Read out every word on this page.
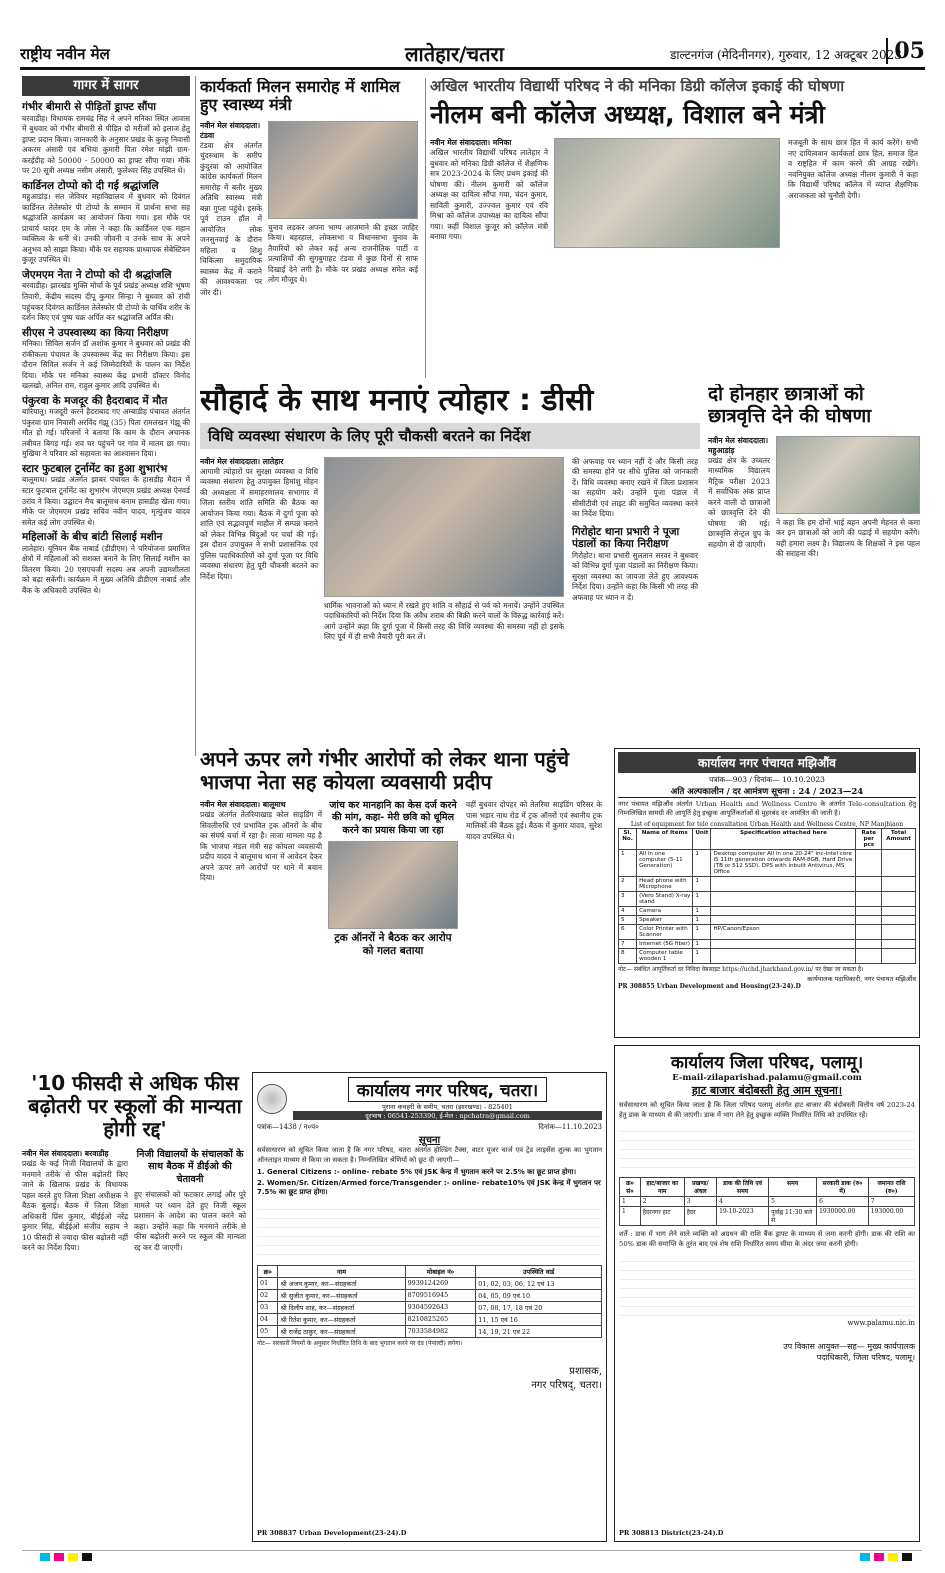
राष्ट्रीय नवीन मेल	लातेहार/चतरा	डाल्टनगंज (मेदिनीनगर), गुरुवार, 12 अक्टूबर 2023
05
गागर में सागर
गंभीर बीमारी से पीड़ितों ड्राफ्ट सौंपा
बरवाडीह। विधायक रामचंद्र सिंह ने अपने मनिका स्थित आवास में बुधवार को गंभीर बीमारी से पीड़ित दो मरीजों को इलाज हेतु ड्राफ्ट प्रदान किया। जानकारी के अनुसार प्रखंड के कुल्हू निवासी अकरम अंसारी एवं बभिया कुमारी पिता रमेश मांझी ग्राम-करईडीह को 50000 - 50000 का ड्राफ्ट सौंपा गया। मौके पर 20 सूत्री अध्यक्ष नसीम अंसारी, फुलेश्वर सिंह उपस्थित थे।
कार्डिनल टोप्पो को दी गई श्रद्धांजलि
महुआडांड़। संत जेवियर महाविद्यालय में बुधवार को दिवंगत कार्डिनल तेलेस्फोर पी टोप्पो के सम्मान में प्रार्थना सभा सह श्रद्धांजलि कार्यक्रम का आयोजन किया गया। इस मौके पर प्राचार्य फादर एम के जोस ने कहा कि कार्डिनल एक महान व्यक्तित्व के धनी थे। उनकी जीवनी व उनके साथ के अपने अनुभव को साझा किया। मौके पर सहायक प्राध्यापक सेबेस्टियन कुजूर उपस्थित थे।
जेएमएम नेता ने टोप्पो को दी श्रद्धांजलि
बरवाडीह। झारखंड मुक्ति मोर्चा के पूर्व प्रखंड अध्यक्ष शशि भूषण तिवारी, केंद्रीय सदस्य दीपू कुमार सिन्हा ने बुधवार को रांची पहुंचकर दिवंगत कार्डिनल तेलेस्फोर पी टोप्पो के पार्थिव शरीर के दर्शन किए एवं पुष्प चक्र अर्पित कर श्रद्धांजलि अर्पित की।
सीएस ने उपस्वास्थ्य का किया निरीक्षण
मनिका। सिविल सर्जन डॉ अशोक कुमार ने बुधवार को प्रखंड की रांकीकला पंचायत के उपस्वास्थ्य केंद्र का निरीक्षण किया। इस दौरान सिविल सर्जन ने कई जिम्मेदारियों के पालन का निर्देश दिया। मौके पर मनिका स्वास्थ्य केंद्र प्रभारी डॉक्टर विनोद खलखो, अनिल राम, राहुल कुमार आदि उपस्थित थे।
पंकुरवा के मजदूर की हैदराबाद में मौत
बारियातू। मजदूरी करने हैदराबाद गए अम्बाडीह पंचायत अंतर्गत पंकुरवा ग्राम निवासी अरविंद गंझू (35) पिता रामलखन गंझू की मौत हो गई। परिजनों ने बताया कि काम के दौरान अचानक तबीयत बिगड़ गई। शव घर पहुंचने पर गांव में मातम छा गया। मुखिया ने परिवार को सहायता का आश्वासन दिया।
स्टार फुटबाल टूर्नामेंट का हुआ शुभारंभ
बालूमाथ। प्रखंड अंतर्गत झाबर पंचायत के हासडीह मैदान में स्टार फुटबाल टूर्नामेंट का शुभारंभ जेएमएम प्रखंड अध्यक्ष ऐनवर्ड उरांव ने किया। उद्घाटन मैच बालूमाथ बनाम हासडीह खेला गया। मौके पर जेएमएम प्रखंड सचिव नवीन यादव, मृत्युंजय यादव समेत कई लोग उपस्थित थे।
महिलाओं के बीच बांटी सिलाई मशीन
लातेहार। यूनियन बैंक नाबार्ड (डीडीएम) ने परियोजना प्रमाणित क्षेत्रों में महिलाओं को सशक्त बनाने के लिए सिलाई मशीन का वितरण किया। 20 एसएचजी सदस्य अब अपनी उद्यमशीलता को बढ़ा सकेंगी। कार्यक्रम में मुख्य अतिथि डीडीएम नाबार्ड और बैंक के अधिकारी उपस्थित थे।
कार्यकर्ता मिलन समारोह में शामिल हुए स्वास्थ्य मंत्री
नवीन मेल संवाददाता। टंडवा
टंडवा क्षेत्र अंतर्गत चुंदरुधाम के समीप कुंदुरवा को आयोजित कांग्रेस कार्यकर्ता मिलन समारोह में बतौर मुख्य अतिथि स्वास्थ्य मंत्री बन्ना गुप्ता पहुंचे। इसके पूर्व टाउन हॉल में आयोजित लोक जनसुनवाई के दौरान महिला व शिशु चिकित्सा समुदायिक स्वास्थ्य केंद्र में कराने की आवश्यकता पर जोर दी।
चुनाव लड़कर अपना भाग्य आजमाने की इच्छा जाहिर किया। बहरहाल, लोकसभा व विधानसभा चुनाव के तैयारियों को लेकर कई अन्य राजनीतिक पार्टी व प्रत्याशियों की सुगबुगाहट टंडवा में कुछ दिनों से साफ दिखाई देने लगी है। मौके पर प्रखंड अध्यक्ष समेत कई लोग मौजूद थे।
अखिल भारतीय विद्यार्थी परिषद ने की मनिका डिग्री कॉलेज इकाई की घोषणा
नीलम बनी कॉलेज अध्यक्ष, विशाल बने मंत्री
नवीन मेल संवाददाता। मनिका
अखिल भारतीय विद्यार्थी परिषद लातेहार ने बुधवार को मनिका डिग्री कॉलेज में शैक्षणिक सत्र 2023-2024 के लिए प्रथम इकाई की घोषणा की। नीलम कुमारी को कॉलेज अध्यक्ष का दायित्व सौंपा गया, चंदन कुमार, साविती कुमारी, उज्ज्वल कुमार एवं रवि मिश्रा को कॉलेज उपाध्यक्ष का दायित्व सौंपा गया। कहीं विशाल कुजूर को कॉलेज मंत्री बनाया गया।
मजबूती के साथ छात्र हित में कार्य करेंगे। सभी नए दायित्ववान कार्यकर्ता छात्र हित, समाज हित व राष्ट्रहित में काम करने की आग्रह रखेंगे। नवनियुक्त कॉलेज अध्यक्ष नीलम कुमारी ने कहा कि विद्यार्थी परिषद कॉलेज में व्याप्त शैक्षणिक अराजकता को चुनौती देगी।
सौहार्द के साथ मनाएं त्योहार : डीसी
विधि व्यवस्था संधारण के लिए पूरी चौकसी बरतने का निर्देश
नवीन मेल संवाददाता। लातेहार
आगामी त्योहारों पर सुरक्षा व्यवस्था व विधि व्यवस्था संधारण हेतु उपायुक्त हिमांशु मोहन की अध्यक्षता में समाहरणालय सभागार में जिला स्तरीय शांति समिति की बैठक का आयोजन किया गया। बैठक में दुर्गा पूजा को शांति एवं सद्भावपूर्ण माहौल में सम्पन्न कराने को लेकर विभिन्न बिंदुओं पर चर्चा की गई। इस दौरान उपायुक्त ने सभी प्रशासनिक एवं पुलिस पदाधिकारियों को दुर्गा पूजा पर विधि व्यवस्था संधारण हेतु पूरी चौकसी बरतने का निर्देश दिया।
धार्मिक भावनाओं को ध्यान में रखते हुए शांति व सौहार्द्र से पर्व को मनायें। उन्होंने उपस्थित पदाधिकारियों को निर्देश दिया कि अवैध शराब की बिक्री करने वालों के विरुद्ध कार्रवाई करें। आगे उन्होंने कहा कि दुर्गा पूजा में किसी तरह की विधि व्यवस्था की समस्या नहीं हो इसके लिए पूर्व में ही सभी तैयारी पूरी कर लें।
की अफवाह पर ध्यान नहीं दें और किसी तरह की समस्या होने पर सीधे पुलिस को जानकारी दें। विधि व्यवस्था बनाए रखने में जिला प्रशासन का सहयोग करें। उन्होंने पूजा पंडाल में सीसीटीवी एवं लाइट की समुचित व्यवस्था करने का निर्देश दिया।
गिरोहोट थाना प्रभारी ने पूजा पंडालों का किया निरीक्षण
गिरोहोट। थाना प्रभारी सुलतान सरवर ने बुधवार को विभिन्न दुर्गा पूजा पंडालों का निरीक्षण किया। सुरक्षा व्यवस्था का जायजा लेते हुए आवश्यक निर्देश दिया। उन्होंने कहा कि किसी भी तरह की अफवाह पर ध्यान न दें।
दो होनहार छात्राओं को छात्रवृत्ति देने की घोषणा
नवीन मेल संवाददाता। महुआडांड़
प्रखंड क्षेत्र के उच्चतर माध्यमिक विद्यालय मैट्रिक परीक्षा 2023 में सर्वाधिक अंक प्राप्त करने वाली दो छात्राओं को छात्रवृत्ति देने की घोषणा की गई। छात्रवृत्ति सेन्ट्रल ग्रुप के सहयोग से दी जाएगी।
ने कहा कि हम दोनों भाई बहन अपनी मेहनत से कमा कर इन छात्राओं को आगे की पढ़ाई में सहयोग करेंगे। यही हमारा लक्ष्य है। विद्यालय के शिक्षकों ने इस पहल की सराहना की।
अपने ऊपर लगे गंभीर आरोपों को लेकर थाना पहुंचे भाजपा नेता सह कोयला व्यवसायी प्रदीप
नवीन मेल संवाददाता। बालूमाथ
प्रखंड अंतर्गत तेतरियाखाड़ कोल साइडिंग में सिवलीरुधि एवं प्रभावित ट्रक ऑनरों के बीच का संघर्ष चर्चा में रहा है। ताजा मामला यह है कि भाजपा मंडल मंत्री सह कोयला व्यवसायी प्रदीप यादव ने बालूमाथ थाना में आवेदन देकर अपने ऊपर लगे आरोपों पर थाने में बयान दिया।
जांच कर मानहानि का केस दर्ज करने की मांग, कहा- मेरी छवि को धूमिल करने का प्रयास किया जा रहा
ट्रक ऑनरों ने बैठक कर आरोप को गलत बताया
वहीं बुधवार दोपहर को तेतरिया साइडिंग परिसर के पास भड़ार नाथ रोड में ट्रक ऑनरों एवं स्थानीय ट्रक मालिकों की बैठक हुई। बैठक में कुमार यादव, सुरेश यादव उपस्थित थे।
कार्यालय नगर पंचायत मझिऔंव
पत्रांक—903 / दिनांक— 10.10.2023
अति अल्पकालीन / दर आमंत्रण सूचना : 24 / 2023—24
नगर पंचायत मझिऔंव अंतर्गत Urban Health and Wellness Centre के अंतर्गत Tele-consultation हेतु निम्नलिखित सामग्री की आपूर्ति हेतु इच्छुक आपूर्तिकर्ताओं से मुहरबंद दर आमंत्रित की जाती है।
List of equipment for tele consultation Urban Health and Wellness Centre, NP Manjhiaon
Sl. No.	Name of Items	Unit	Specification attached here	Rate per pcs	Total Amount
1	All in one computer (5-11 Generation)	1	Desktop computer All in one 20-24" inc-Intel core i5 11th generation onwards RAM-8GB, Hard Drive (TB or 512 SSD), DPS with inbuilt Antivirus, MS Office		
2	Head phone with Microphone	1			
3	(Vero Stand) X-ray stand	1			
4	Camera	1			
5	Speaker	1			
6	Color Printer with Scanner	1	HP/Canon/Epson		
7	Internet (5G fiber)	1			
8	Computer table wooden 1	1			
नोट— संबंधित आपूर्तिकर्ता दर निविदा वेबसाइट https://uchd.jharkhand.gov.in/ पर देखा जा सकता है।
कार्यपालक पदाधिकारी, नगर पंचायत मझिऔंव
PR 308855 Urban Development and Housing(23-24).D
'10 फीसदी से अधिक फीस बढ़ोतरी पर स्कूलों की मान्यता होगी रद्द'
नवीन मेल संवाददाता। बरवाडीह
प्रखंड के कई निजी विद्यालयों के द्वारा मनमाने तरीके से फीस बढ़ोतरी किए जाने के खिलाफ प्रखंड के विधायक पहल करते हुए जिला शिक्षा अधीक्षक ने बैठक बुलाई। बैठक में जिला शिक्षा अधिकारी प्रिंस कुमार, बीईईओ नरेंद्र कुमार सिंह, बीईईओ संजीव सहाय ने 10 फीसदी से ज्यादा फीस बढ़ोतरी नहीं करने का निर्देश दिया।
निजी विद्यालयों के संचालकों के साथ बैठक में डीईओ की चेतावनी
हुए संचालकों को फटकार लगाई और पूरे मामले पर ध्यान देते हुए निजी स्कूल प्रशासन के आदेश का पालन करने को कहा। उन्होंने कहा कि मनमाने तरीके से फीस बढ़ोतरी करने पर स्कूल की मान्यता रद्द कर दी जाएगी।
कार्यालय नगर परिषद, चतरा।
पुराना कचहरी के समीप, चतरा (झारखण्ड) - 825401
दूरभाष : 06541-253390, ई-मेल : npchatra@gmail.com
पत्रांक—1438 / न०प०	दिनांक—11.10.2023
सूचना
सर्वसाधारण को सूचित किया जाता है कि नगर परिषद, चतरा अंतर्गत होल्डिंग टैक्स, वाटर यूजर चार्ज एवं ट्रेड लाइसेंस शुल्क का भुगतान ऑनलाइन माध्यम से किया जा सकता है। निम्नलिखित श्रेणियों को छूट दी जाएगी—
1. General Citizens :- online- rebate 5% एवं JSK केन्द्र में भुगतान करने पर 2.5% का छूट प्राप्त होगा।
2. Women/Sr. Citizen/Armed force/Transgender :- online- rebate10% एवं JSK केन्द्र में भुगतान पर 7.5% का छूट प्राप्त होगा।
क्र०	नाम	मोबाइल नं०	उपस्थिति वार्ड
01	श्री अजय कुमार, कर—संग्रहकर्ता	9939124269	01, 02, 03, 06, 12 एवं 13
02	श्री सुजीत कुमार, कर—संग्रहकर्ता	8709516945	04, 05, 09 एवं 10
03	श्री दिलीप शाह, कर—संग्रहकर्ता	9304592643	07, 08, 17, 18 एवं 20
04	श्री रितेश कुमार, कर—संग्रहकर्ता	8210825265	11, 15 एवं 16
05	श्री राजेंद्र ठाकुर, कर—संग्रहकर्ता	7033584982	14, 19, 21 एवं 22
नोट— सरकारी नियमों के अनुसार निर्धारित तिथि के बाद भुगतान करने पर दंड (पेनाल्टी) लगेगा।
प्रशासक,
नगर परिषद्, चतरा।
PR 308837 Urban Development(23-24).D
कार्यालय जिला परिषद, पलामू।
E-mail-zilaparishad.palamu@gmail.com
हाट बाजार बंदोबस्ती हेतु आम सूचना।
सर्वसाधारण को सूचित किया जाता है कि जिला परिषद पलामू अंतर्गत हाट बाजार की बंदोबस्ती वित्तीय वर्ष 2023-24 हेतु डाक के माध्यम से की जाएगी। डाक में भाग लेने हेतु इच्छुक व्यक्ति निर्धारित तिथि को उपस्थित रहें।
क्र० सं०	हाट/बाजार का नाम	प्रखण्ड/अंचल	डाक की तिथि एवं समय	समय	सरकारी डाक (रु० में)	जमानत राशि (रु०)
1	2	3	4	5	6	7
1	हैदरनगर हाट	हैदर	19-10-2023	पूर्वाह्न 11:30 बजे से	1930000.00	193000.00
शर्तें : डाक में भाग लेने वाले व्यक्ति को अग्रधन की राशि बैंक ड्राफ्ट के माध्यम से जमा करनी होगी। डाक की राशि का 50% डाक की समाप्ति के तुरंत बाद एवं शेष राशि निर्धारित समय सीमा के अंदर जमा करनी होगी।
www.palamu.nic.in
उप विकास आयुक्त—सह— मुख्य कार्यपालक पदाधिकारी, जिला परिषद, पलामू।
PR 308813 District(23-24).D
